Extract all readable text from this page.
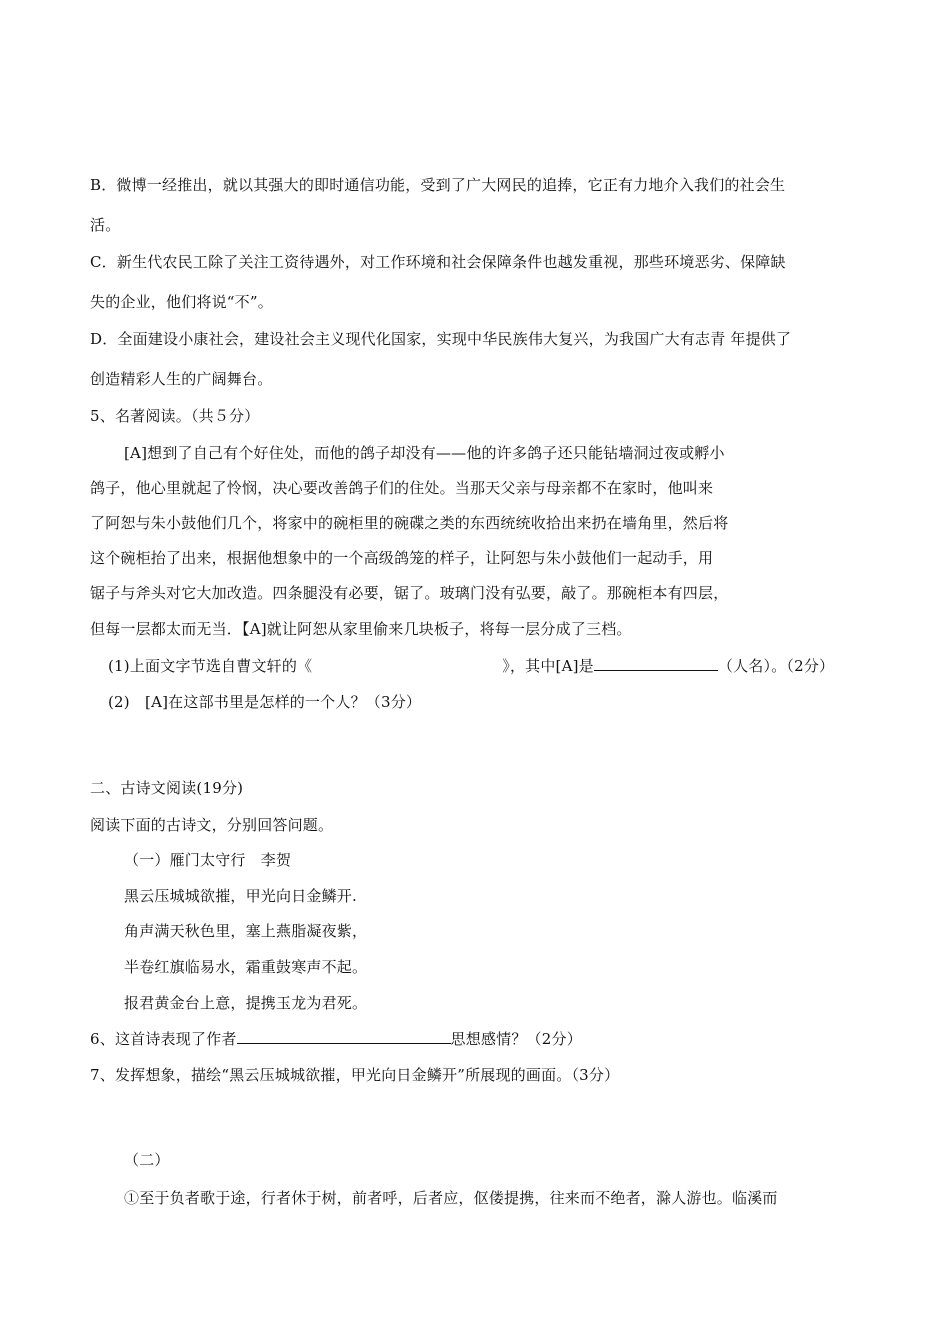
B．微博一经推出，就以其强大的即时通信功能，受到了广大网民的追捧，它正有力地介入我们的社会生
活。
C．新生代农民工除了关注工资待遇外，对工作环境和社会保障条件也越发重视，那些环境恶劣、保障缺
失的企业，他们将说“不”。
D．全面建设小康社会，建设社会主义现代化国家，实现中华民族伟大复兴，为我国广大有志青 年提供了
创造精彩人生的广阔舞台。
5、名著阅读。（共５分）
[A]想到了自己有个好住处，而他的鸽子却没有——他的许多鸽子还只能钻墙洞过夜或孵小
鸽子，他心里就起了怜悯，决心要改善鸽子们的住处。当那天父亲与母亲都不在家时，他叫来
了阿恕与朱小鼓他们几个，将家中的碗柜里的碗碟之类的东西统统收拾出来扔在墙角里，然后将
这个碗柜抬了出来，根据他想象中的一个高级鸽笼的样子，让阿恕与朱小鼓他们一起动手，用
锯子与斧头对它大加改造。四条腿没有必要，锯了。玻璃门没有弘要，敲了。那碗柜本有四层，
但每一层都太而无当．【A]就让阿恕从家里偷来几块板子，将每一层分成了三档。
(1)上面文字节选自曹文轩的《	》，其中[A]是	（人名）。（2分）
(2)　[A]在这部书里是怎样的一个人？（3分）
二、古诗文阅读(19分)
阅读下面的古诗文，分别回答问题。
（一）雁门太守行　李贺
黑云压城城欲摧，甲光向日金鳞开.
角声满天秋色里，塞上燕脂凝夜紫，
半卷红旗临易水，霜重鼓寒声不起。
报君黄金台上意，提携玉龙为君死。
6、这首诗表现了作者	思想感情？（2分）
7、发挥想象，描绘“黑云压城城欲摧，甲光向日金鳞开”所展现的画面。（3分）
（二）
①至于负者歌于途，行者休于树，前者呼，后者应，伛偻提携，往来而不绝者，滁人游也。临溪而
